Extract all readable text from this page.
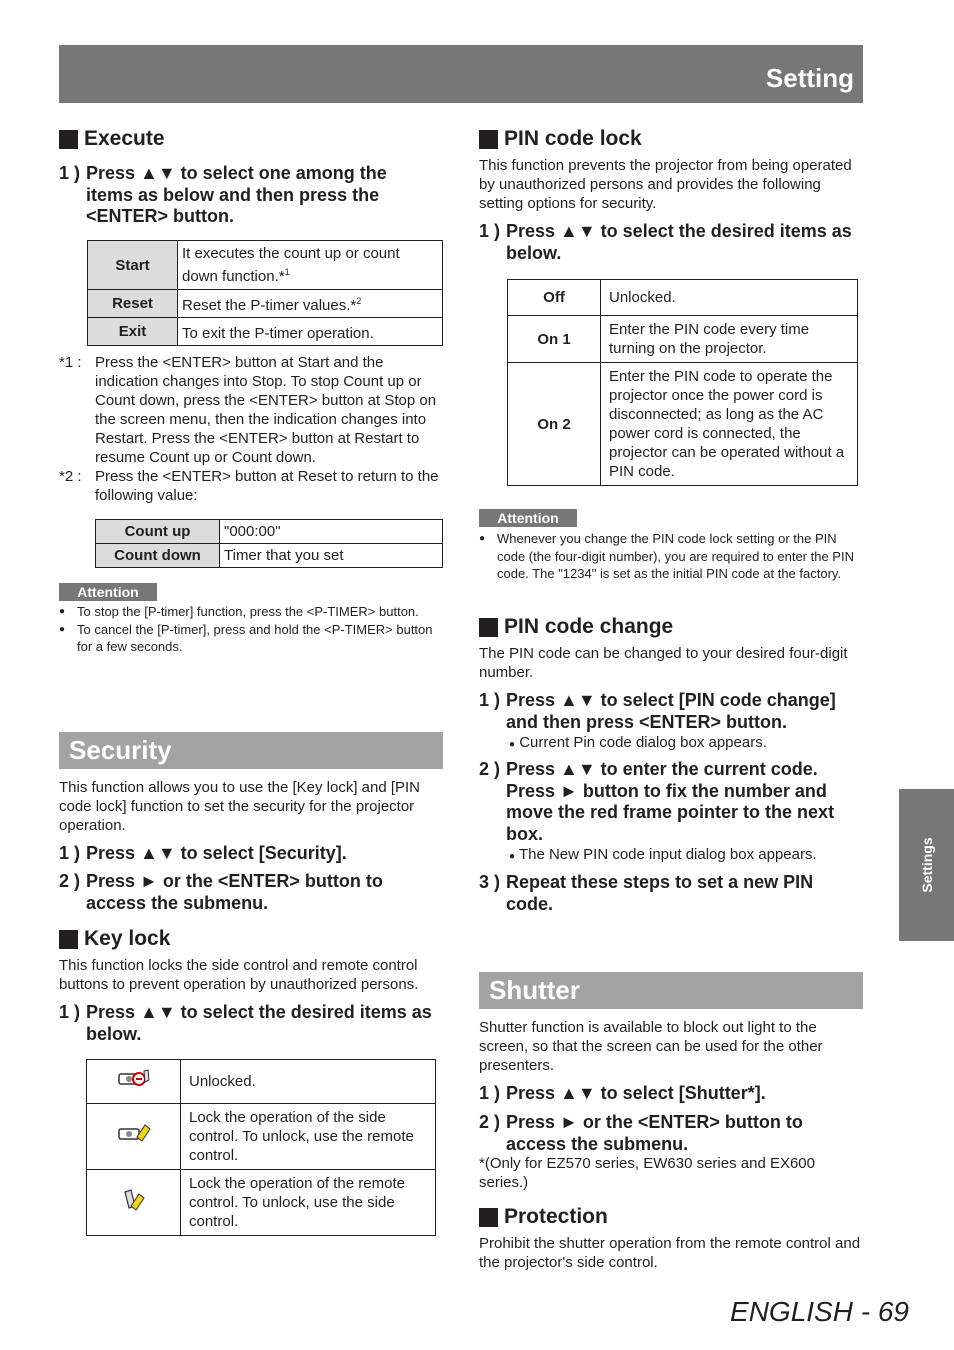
Setting
Settings
Execute
1 ) Press ▲▼ to select one among the items as below and then press the <ENTER> button.
Start	It executes the count up or count down function.*$^1$
Reset	Reset the P-timer values.*$^2$
Exit	To exit the P-timer operation.
*1 : Press the <ENTER> button at Start and the indication changes into Stop. To stop Count up or Count down, press the <ENTER> button at Stop on the screen menu, then the indication changes into Restart. Press the <ENTER> button at Restart to resume Count up or Count down.
*2 : Press the <ENTER> button at Reset to return to the following value:
Count up	"000:00"
Count down	Timer that you set
Attention
● To stop the [P-timer] function, press the <P-TIMER> button.
● To cancel the [P-timer], press and hold the <P-TIMER> button for a few seconds.
Security
This function allows you to use the [Key lock] and [PIN code lock] function to set the security for the projector operation.
1 ) Press ▲▼ to select [Security].
2 ) Press ► or the <ENTER> button to access the submenu.
Key lock
This function locks the side control and remote control buttons to prevent operation by unauthorized persons.
1 ) Press ▲▼ to select the desired items as below.
	Unlocked.
	Lock the operation of the side control. To unlock, use the remote control.
	Lock the operation of the remote control. To unlock, use the side control.
PIN code lock
This function prevents the projector from being operated by unauthorized persons and provides the following setting options for security.
1 ) Press ▲▼ to select the desired items as below.
Off	Unlocked.
On 1	Enter the PIN code every time turning on the projector.
On 2	Enter the PIN code to operate the projector once the power cord is disconnected; as long as the AC power cord is connected, the projector can be operated without a PIN code.
Attention
● Whenever you change the PIN code lock setting or the PIN code (the four-digit number), you are required to enter the PIN code. The "1234" is set as the initial PIN code at the factory.
PIN code change
The PIN code can be changed to your desired four-digit number.
1 ) Press ▲▼ to select [PIN code change] and then press <ENTER> button.
● Current Pin code dialog box appears.
2 ) Press ▲▼ to enter the current code. Press ► button to fix the number and move the red frame pointer to the next box.
● The New PIN code input dialog box appears.
3 ) Repeat these steps to set a new PIN code.
Shutter
Shutter function is available to block out light to the screen, so that the screen can be used for the other presenters.
1 ) Press ▲▼ to select [Shutter*].
2 ) Press ► or the <ENTER> button to access the submenu.
*(Only for EZ570 series, EW630 series and EX600 series.)
Protection
Prohibit the shutter operation from the remote control and the projector's side control.
ENGLISH - 69
